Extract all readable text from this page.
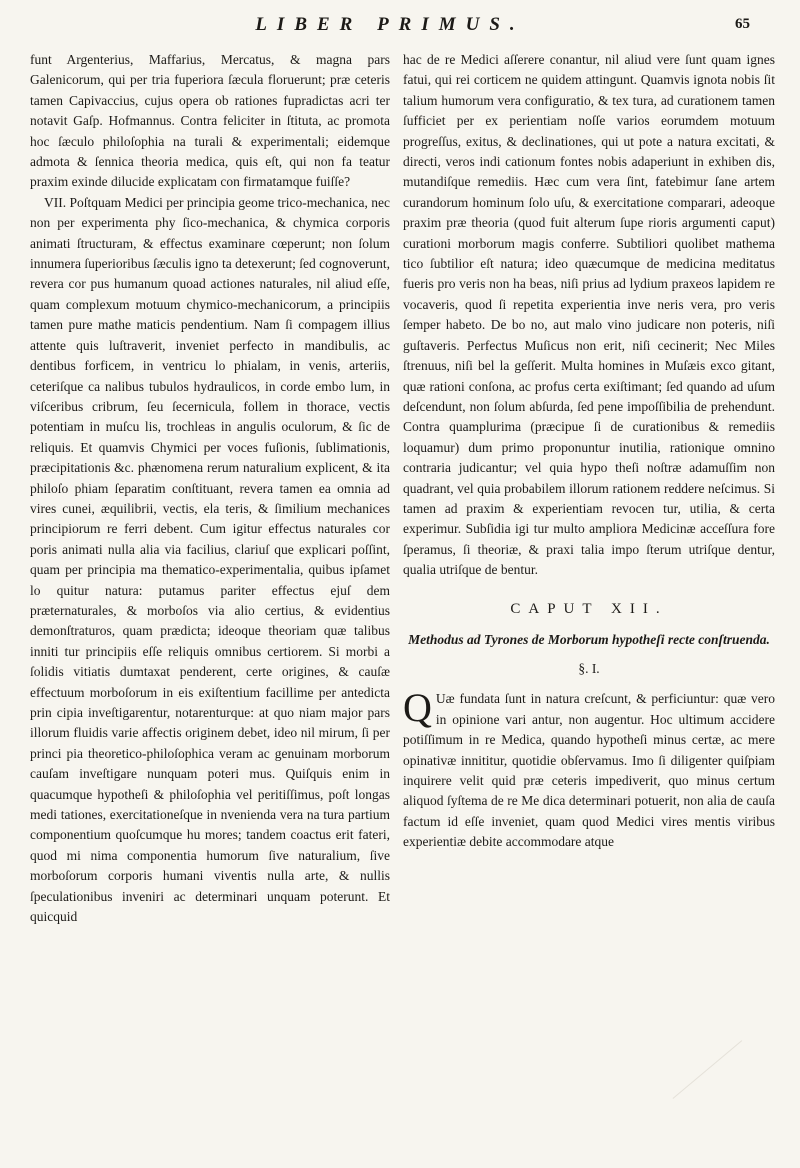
LIBER PRIMUS.	65

funt Argenterius, Maffarius, Mercatus, & magna pars Galenicorum, qui per tria fuperiora ſæcula floruerunt; præ ceteris tamen Capivaccius, cujus opera ob rationes fupradictas acri ter notavit Gaſp. Hofmannus. Contra feliciter in ſtituta, ac promota hoc ſæculo philoſophia na turali & experimentali; eidemque admota & ſennica theoria medica, quis eſt, qui non fa teatur praxim exinde dilucide explicatam con firmatamque fuiſſe?

VII. Poſtquam Medici per principia geome trico-mechanica, nec non per experimenta phy ſico-mechanica, & chymica corporis animati ſtructuram, & effectus examinare cœperunt; non ſolum innumera ſuperioribus ſæculis igno ta detexerunt; ſed cognoverunt, revera cor pus humanum quoad actiones naturales, nil aliud eſſe, quam complexum motuum chymico-mechanicorum, a principiis tamen pure mathe maticis pendentium. Nam ſi compagem illius attente quis luſtraverit, inveniet perfecto in mandibulis, ac dentibus forficem, in ventricu lo phialam, in venis, arteriis, ceteriſque ca nalibus tubulos hydraulicos, in corde embo lum, in viſceribus cribrum, ſeu ſecernicula, follem in thorace, vectis potentiam in muſcu lis, trochleas in angulis oculorum, & ſic de reliquis. Et quamvis Chymici per voces fuſionis, ſublimationis, præcipitationis &c. phænomena rerum naturalium explicent, & ita philoſo phiam ſeparatim conſtituant, revera tamen ea omnia ad vires cunei, æquilibrii, vectis, ela teris, & ſimilium mechanices principiorum re ferri debent. Cum igitur effectus naturales cor poris animati nulla alia via facilius, clariuſ que explicari poſſint, quam per principia ma thematico-experimentalia, quibus ipſamet lo quitur natura: putamus pariter effectus ejuſ dem præternaturales, & morboſos via alio certius, & evidentius demonſtraturos, quam prædicta; ideoque theoriam quæ talibus inniti tur principiis eſſe reliquis omnibus certiorem. Si morbi a ſolidis vitiatis dumtaxat penderent, certe origines, & cauſæ effectuum morboſorum in eis exiſtentium facillime per antedicta prin cipia inveſtigarentur, notarenturque: at quo niam major pars illorum fluidis varie affectis originem debet, ideo nil mirum, ſi per princi pia theoretico-philoſophica veram ac genuinam morborum cauſam inveſtigare nunquam poteri mus. Quiſquis enim in quacumque hypotheſi & philoſophia vel peritiſſimus, poſt longas medi tationes, exercitationeſque in nveniendа vera na tura partium componentium quoſcumque hu mores; tandem coactus erit fateri, quod mi nima componentia humorum ſive naturalium, ſive morboſorum corporis humani viventis nulla arte, & nullis ſpeculationibus inveniri ac determinari unquam poterunt. Et quicquid

hac de re Medici aſſerere conantur, nil aliud vere ſunt quam ignes fatui, qui rei corticem ne quidem attingunt. Quamvis ignota nobis ſit talium humorum vera configuratio, & tex tura, ad curationem tamen ſufficiet per ex perientiam noſſe varios eorumdem motuum progreſſus, exitus, & declinationes, qui ut pote a natura excitati, & directi, veros indi cationum fontes nobis adaperiunt in exhiben dis, mutandiſque remediis. Hæc cum vera ſint, fatebimur ſane artem curandorum hominum ſolo uſu, & exercitatione comparari, adeoque praxim præ theoria (quod fuit alterum ſupe rioris argumenti caput) curationi morborum magis conferre. Subtiliori quolibet mathema tico ſubtilior eſt natura; ideo quæcumque de medicina meditatus fueris pro veris non ha beas, niſi prius ad lydium praxeos lapidem re vocaveris, quod ſi repetita experientia inve neris vera, pro veris ſemper habeto. De bo no, aut malo vino judicare non poteris, niſi guſtaveris. Perfectus Muſicus non erit, niſi cecinerit; Nec Miles ſtrenuus, niſi bel la geſſerit. Multa homines in Muſæis exco gitant, quæ rationi conſona, ac profus certa exiſtimant; ſed quando ad uſum deſcendunt, non ſolum abſurda, ſed pene impoſſibilia de prehendunt. Contra quamplurima (præcipue ſi de curationibus & remediis loquamur) dum primo proponuntur inutilia, rationique omnino contraria judicantur; vel quia hypo theſi noſtræ adamuſſim non quadrant, vel quia probabilem illorum rationem reddere neſcimus. Si tamen ad praxim & experientiam revocen tur, utilia, & certa experimur. Subſidia igi tur multo ampliora Medicinæ acceſſura fore ſperamus, ſi theoriæ, & praxi talia impo ſterum utriſque dentur, qualia utriſque de bentur.

CAPUT XII.
Methodus ad Tyrones de Morborum hypotheſi recte conſtruenda.
§. I.

Q Uæ fundata ſunt in natura creſcunt, & perficiuntur: quæ vero in opinione vari antur, non augentur. Hoc ultimum accidere potiſſimum in re Medica, quando hypotheſi minus certæ, ac mere opinativæ innititur, quotidie obſervamus. Imo ſi diligenter quiſpiam inquirere velit quid præ ceteris impediverit, quo minus certum aliquod ſyſtema de re Me dica determinari potuerit, non alia de cauſa factum id eſſe inveniet, quam quod Medici vires mentis viribus experientiæ debite accommodare atque
